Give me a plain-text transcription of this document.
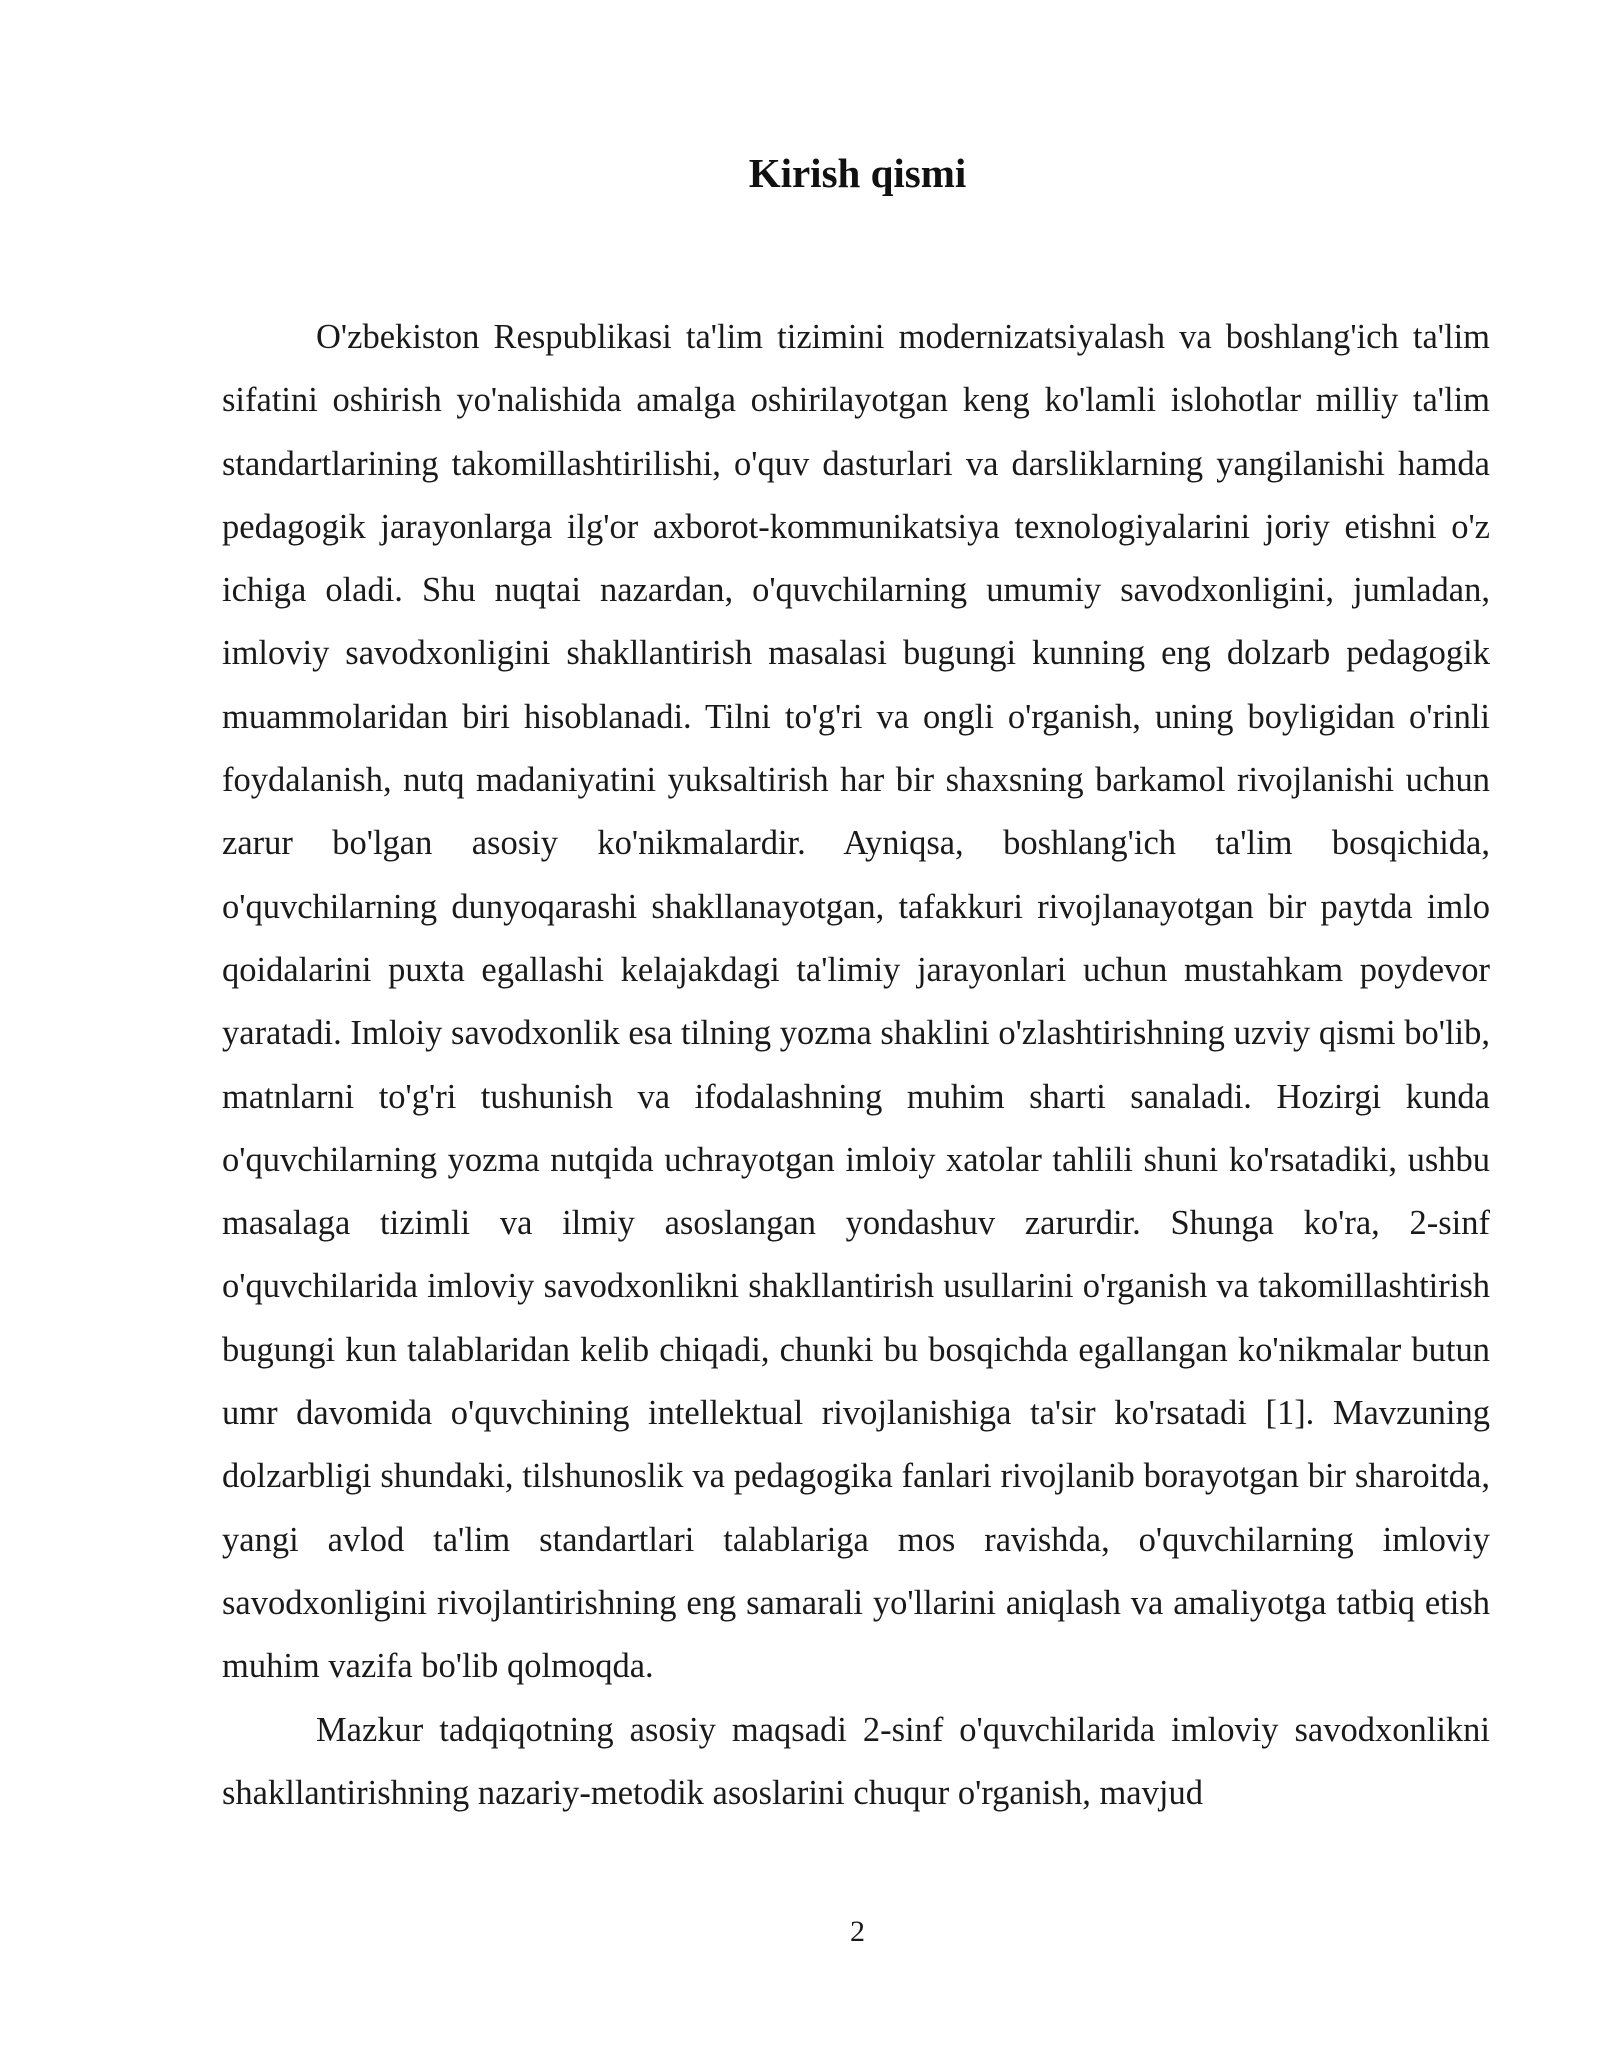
Kirish qismi

O'zbekiston Respublikasi ta'lim tizimini modernizatsiyalash va boshlang'ich ta'lim sifatini oshirish yo'nalishida amalga oshirilayotgan keng ko'lamli islohotlar milliy ta'lim standartlarining takomillashtirilishi, o'quv dasturlari va darsliklarning yangilanishi hamda pedagogik jarayonlarga ilg'or axborot-kommunikatsiya texnologiyalarini joriy etishni o'z ichiga oladi. Shu nuqtai nazardan, o'quvchilarning umumiy savodxonligini, jumladan, imloviy savodxonligini shakllantirish masalasi bugungi kunning eng dolzarb pedagogik muammolaridan biri hisoblanadi. Tilni to'g'ri va ongli o'rganish, uning boyligidan o'rinli foydalanish, nutq madaniyatini yuksaltirish har bir shaxsning barkamol rivojlanishi uchun zarur bo'lgan asosiy ko'nikmalardir. Ayniqsa, boshlang'ich ta'lim bosqichida, o'quvchilarning dunyoqarashi shakllanayotgan, tafakkuri rivojlanayotgan bir paytda imlo qoidalarini puxta egallashi kelajakdagi ta'limiy jarayonlari uchun mustahkam poydevor yaratadi. Imloiy savodxonlik esa tilning yozma shaklini o'zlashtirishning uzviy qismi bo'lib, matnlarni to'g'ri tushunish va ifodalashning muhim sharti sanaladi. Hozirgi kunda o'quvchilarning yozma nutqida uchrayotgan imloiy xatolar tahlili shuni ko'rsatadiki, ushbu masalaga tizimli va ilmiy asoslangan yondashuv zarurdir. Shunga ko'ra, 2-sinf o'quvchilarida imloviy savodxonlikni shakllantirish usullarini o'rganish va takomillashtirish bugungi kun talablaridan kelib chiqadi, chunki bu bosqichda egallangan ko'nikmalar butun umr davomida o'quvchining intellektual rivojlanishiga ta'sir ko'rsatadi [1]. Mavzuning dolzarbligi shundaki, tilshunoslik va pedagogika fanlari rivojlanib borayotgan bir sharoitda, yangi avlod ta'lim standartlari talablariga mos ravishda, o'quvchilarning imloviy savodxonligini rivojlantirishning eng samarali yo'llarini aniqlash va amaliyotga tatbiq etish muhim vazifa bo'lib qolmoqda.

Mazkur tadqiqotning asosiy maqsadi 2-sinf o'quvchilarida imloviy savodxonlikni shakllantirishning nazariy-metodik asoslarini chuqur o'rganish, mavjud

2
